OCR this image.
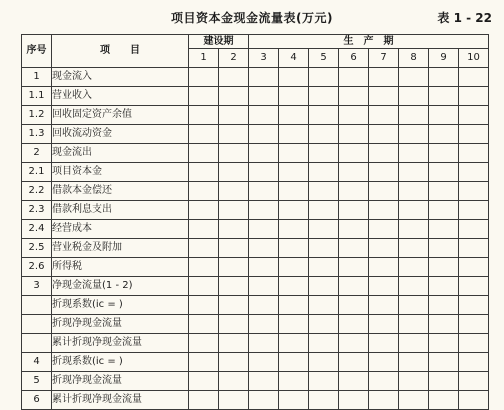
项目资本金现金流量表(万元)	表 1 - 22
序号	项　　目	建设期		生　产　期							
		1	2	3	4	5	6	7	8	9	10
1	现金流入										
1.1	营业收入										
1.2	回收固定资产余值										
1.3	回收流动资金										
2	现金流出										
2.1	项目资本金										
2.2	借款本金偿还										
2.3	借款利息支出										
2.4	经营成本										
2.5	营业税金及附加										
2.6	所得税										
3	净现金流量(1 - 2)										
	折现系数(ic = )										
	折现净现金流量										
	累计折现净现金流量										
4	折现系数(ic = )										
5	折现净现金流量										
6	累计折现净现金流量										
